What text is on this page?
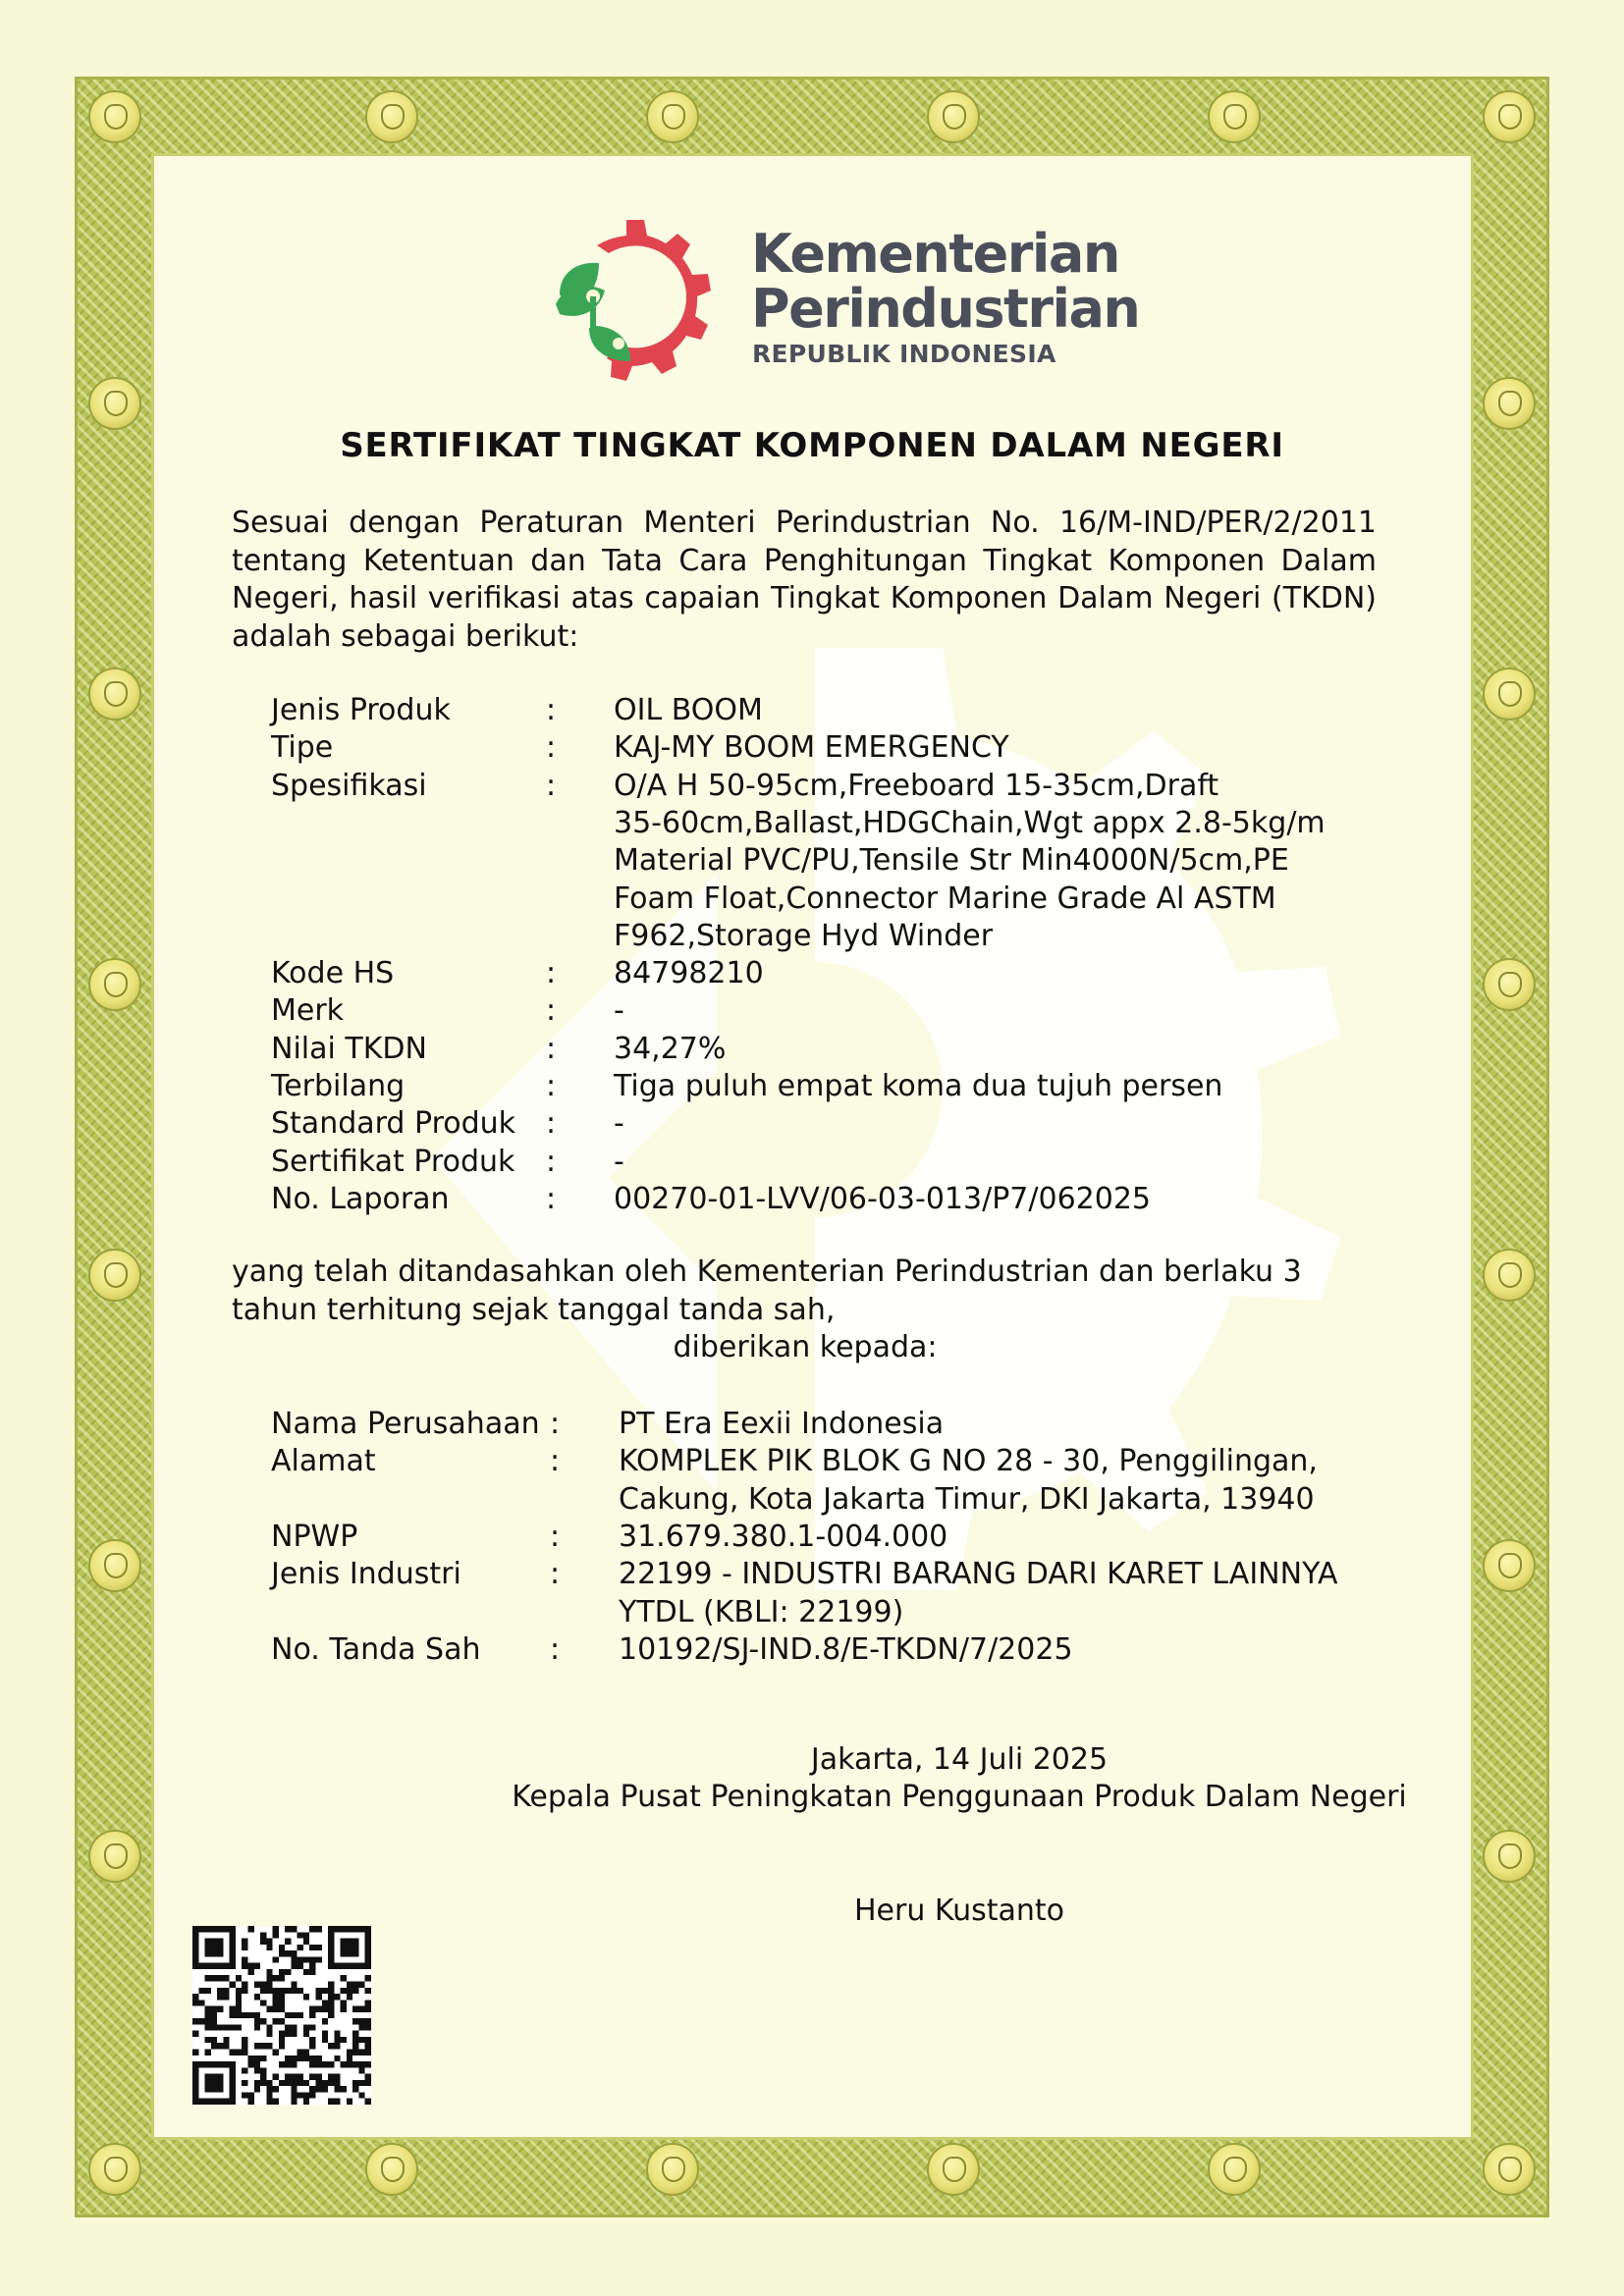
Kementerian
Perindustrian
REPUBLIK INDONESIA
SERTIFIKAT TINGKAT KOMPONEN DALAM NEGERI
Sesuai dengan Peraturan Menteri Perindustrian No. 16/M-IND/PER/2/2011 tentang Ketentuan dan Tata Cara Penghitungan Tingkat Komponen Dalam Negeri, hasil verifikasi atas capaian Tingkat Komponen Dalam Negeri (TKDN) adalah sebagai berikut:
Jenis Produk	: OIL BOOM
Tipe	: KAJ-MY BOOM EMERGENCY
Spesifikasi	: O/A H 50-95cm,Freeboard 15-35cm,Draft
35-60cm,Ballast,HDGChain,Wgt appx 2.8-5kg/m
Material PVC/PU,Tensile Str Min4000N/5cm,PE
Foam Float,Connector Marine Grade Al ASTM
F962,Storage Hyd Winder
Kode HS	: 84798210
Merk	: -
Nilai TKDN	: 34,27%
Terbilang	: Tiga puluh empat koma dua tujuh persen
Standard Produk : -
Sertifikat Produk : -
No. Laporan	: 00270-01-LVV/06-03-013/P7/062025
yang telah ditandasahkan oleh Kementerian Perindustrian dan berlaku 3 tahun terhitung sejak tanggal tanda sah,
diberikan kepada:
Nama Perusahaan : PT Era Eexii Indonesia
Alamat	: KOMPLEK PIK BLOK G NO 28 - 30, Penggilingan,
Cakung, Kota Jakarta Timur, DKI Jakarta, 13940
NPWP	: 31.679.380.1-004.000
Jenis Industri	: 22199 - INDUSTRI BARANG DARI KARET LAINNYA
YTDL (KBLI: 22199)
No. Tanda Sah : 10192/SJ-IND.8/E-TKDN/7/2025
Jakarta, 14 Juli 2025
Kepala Pusat Peningkatan Penggunaan Produk Dalam Negeri
Heru Kustanto
